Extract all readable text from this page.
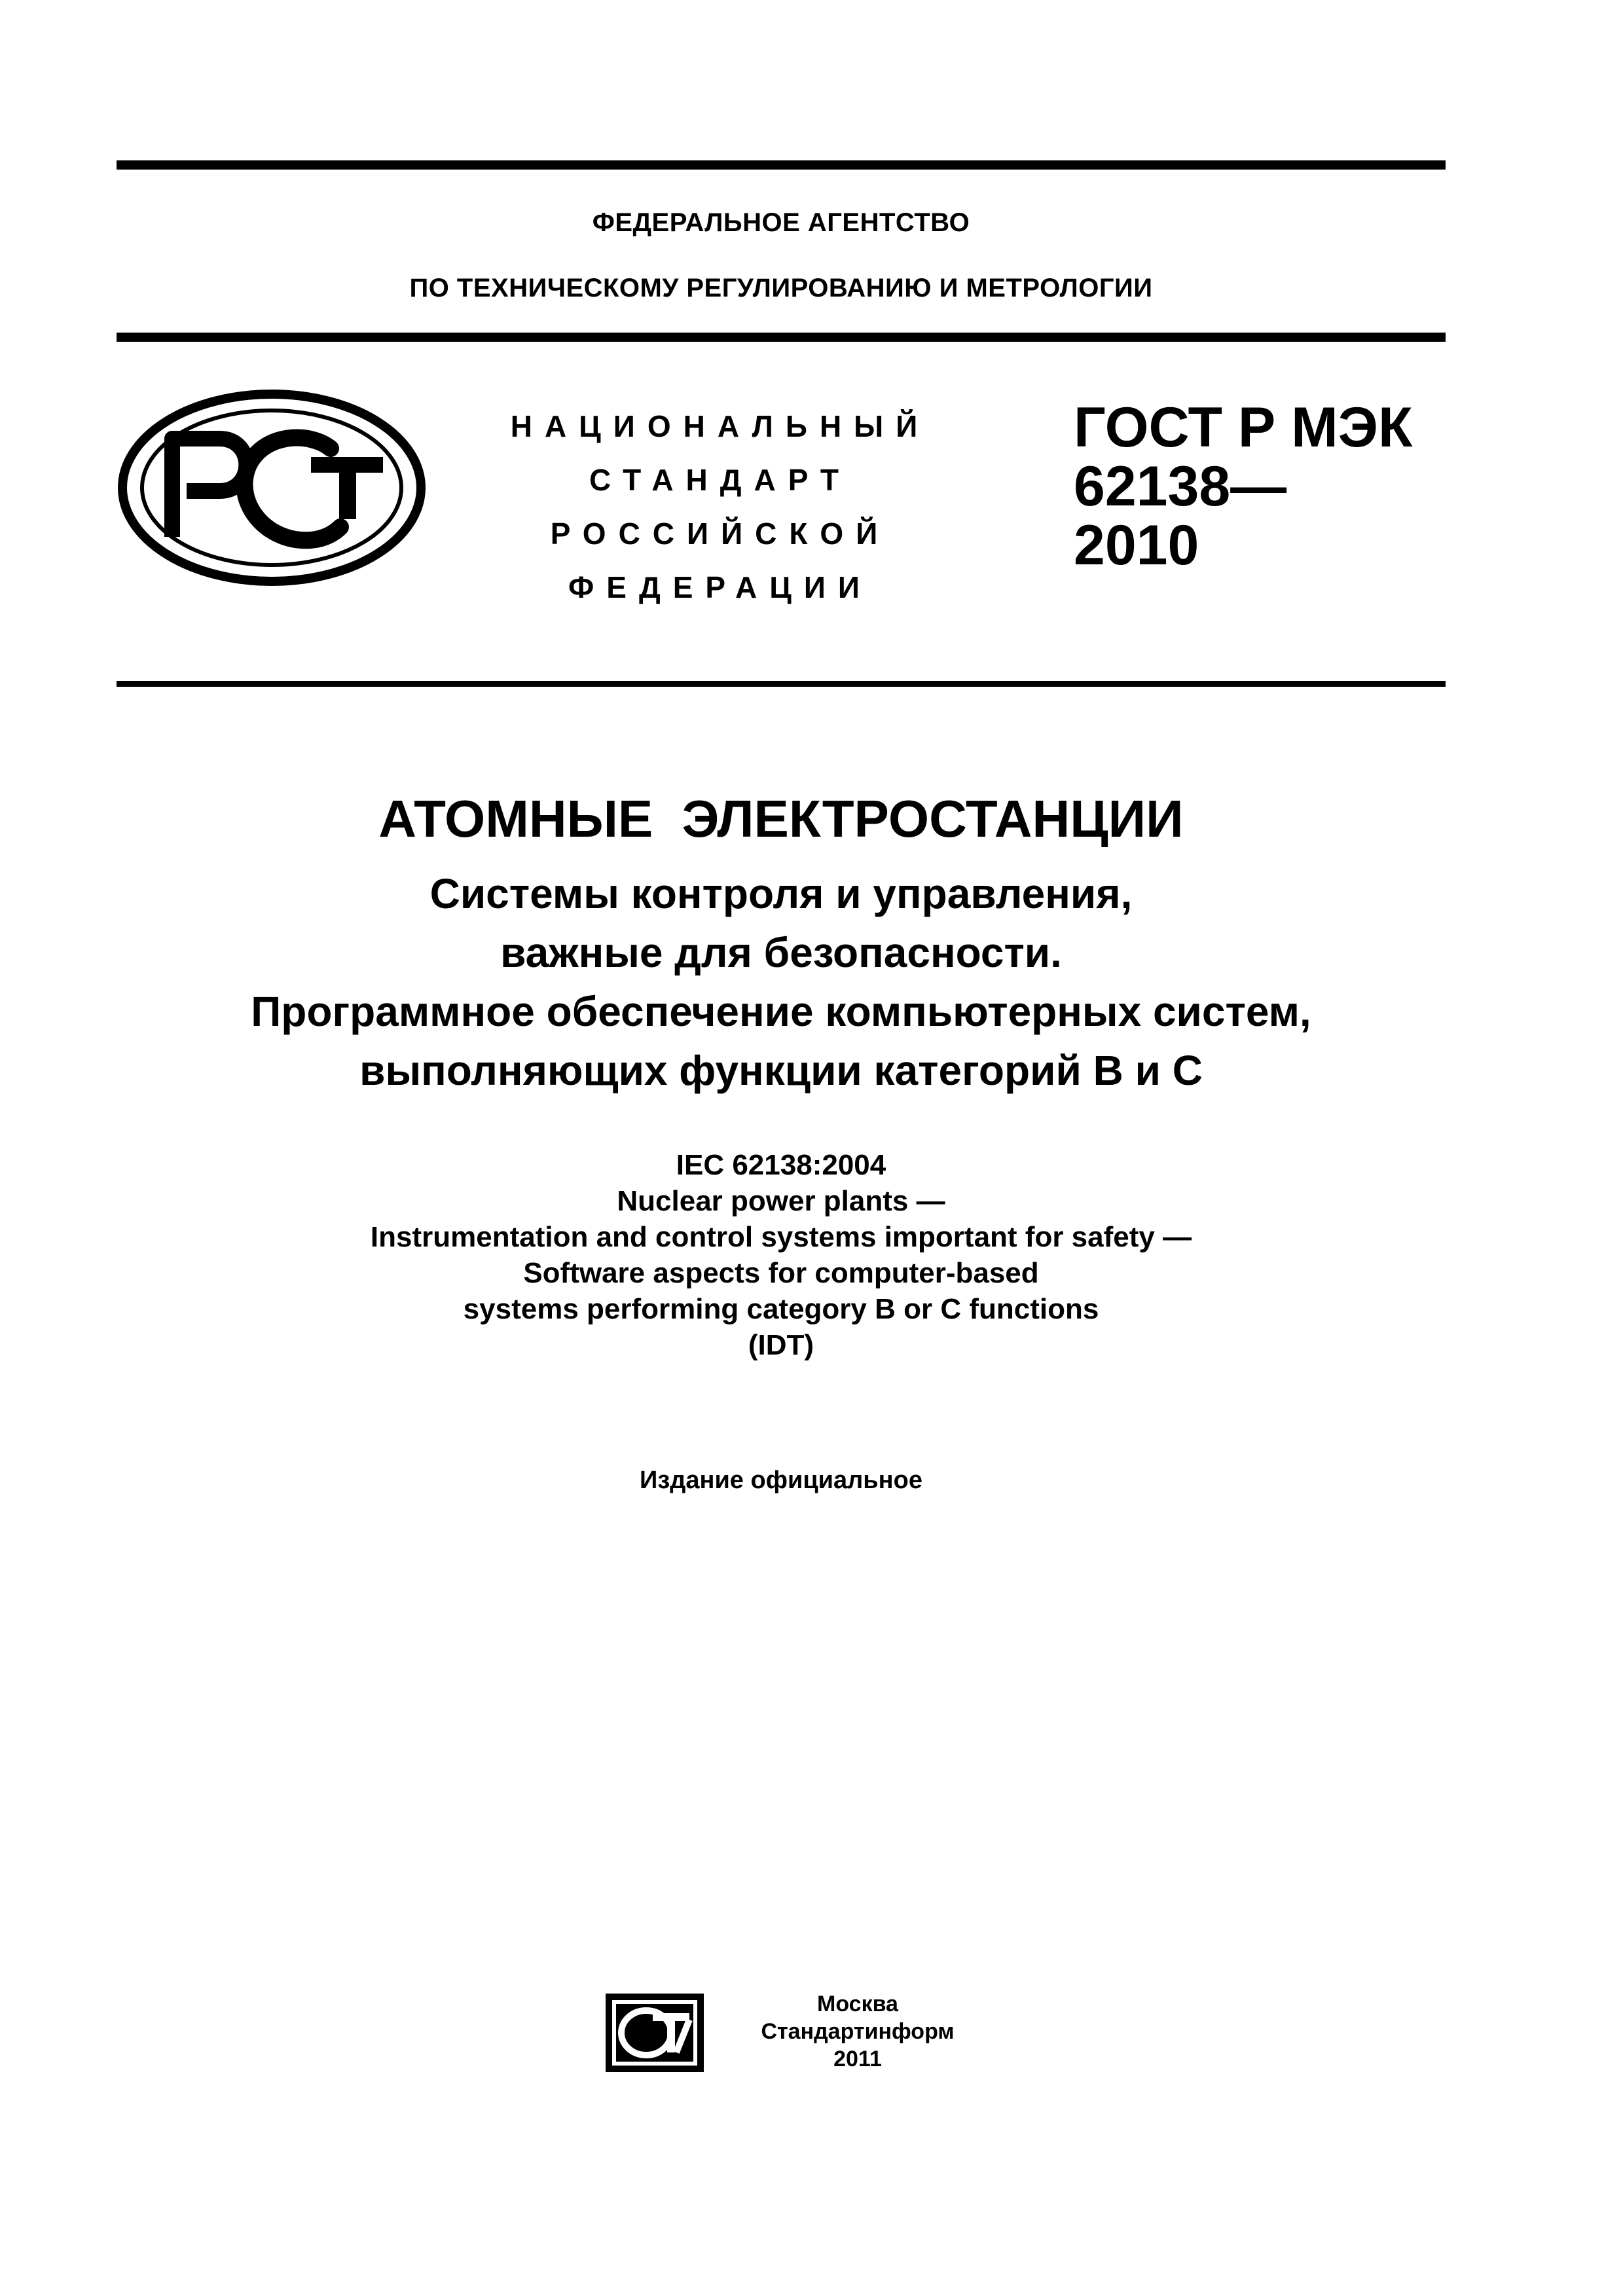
ФЕДЕРАЛЬНОЕ АГЕНТСТВО
ПО ТЕХНИЧЕСКОМУ РЕГУЛИРОВАНИЮ И МЕТРОЛОГИИ
НАЦИОНАЛЬНЫЙ
СТАНДАРТ
РОССИЙСКОЙ
ФЕДЕРАЦИИ
ГОСТ Р МЭК
62138—
2010
АТОМНЫЕ ЭЛЕКТРОСТАНЦИИ
Системы контроля и управления,
важные для безопасности.
Программное обеспечение компьютерных систем,
выполняющих функции категорий В и С
IEC 62138:2004
Nuclear power plants —
Instrumentation and control systems important for safety —
Software aspects for computer-based
systems performing category B or C functions
(IDT)
Издание официальное
Москва
Стандартинформ
2011
